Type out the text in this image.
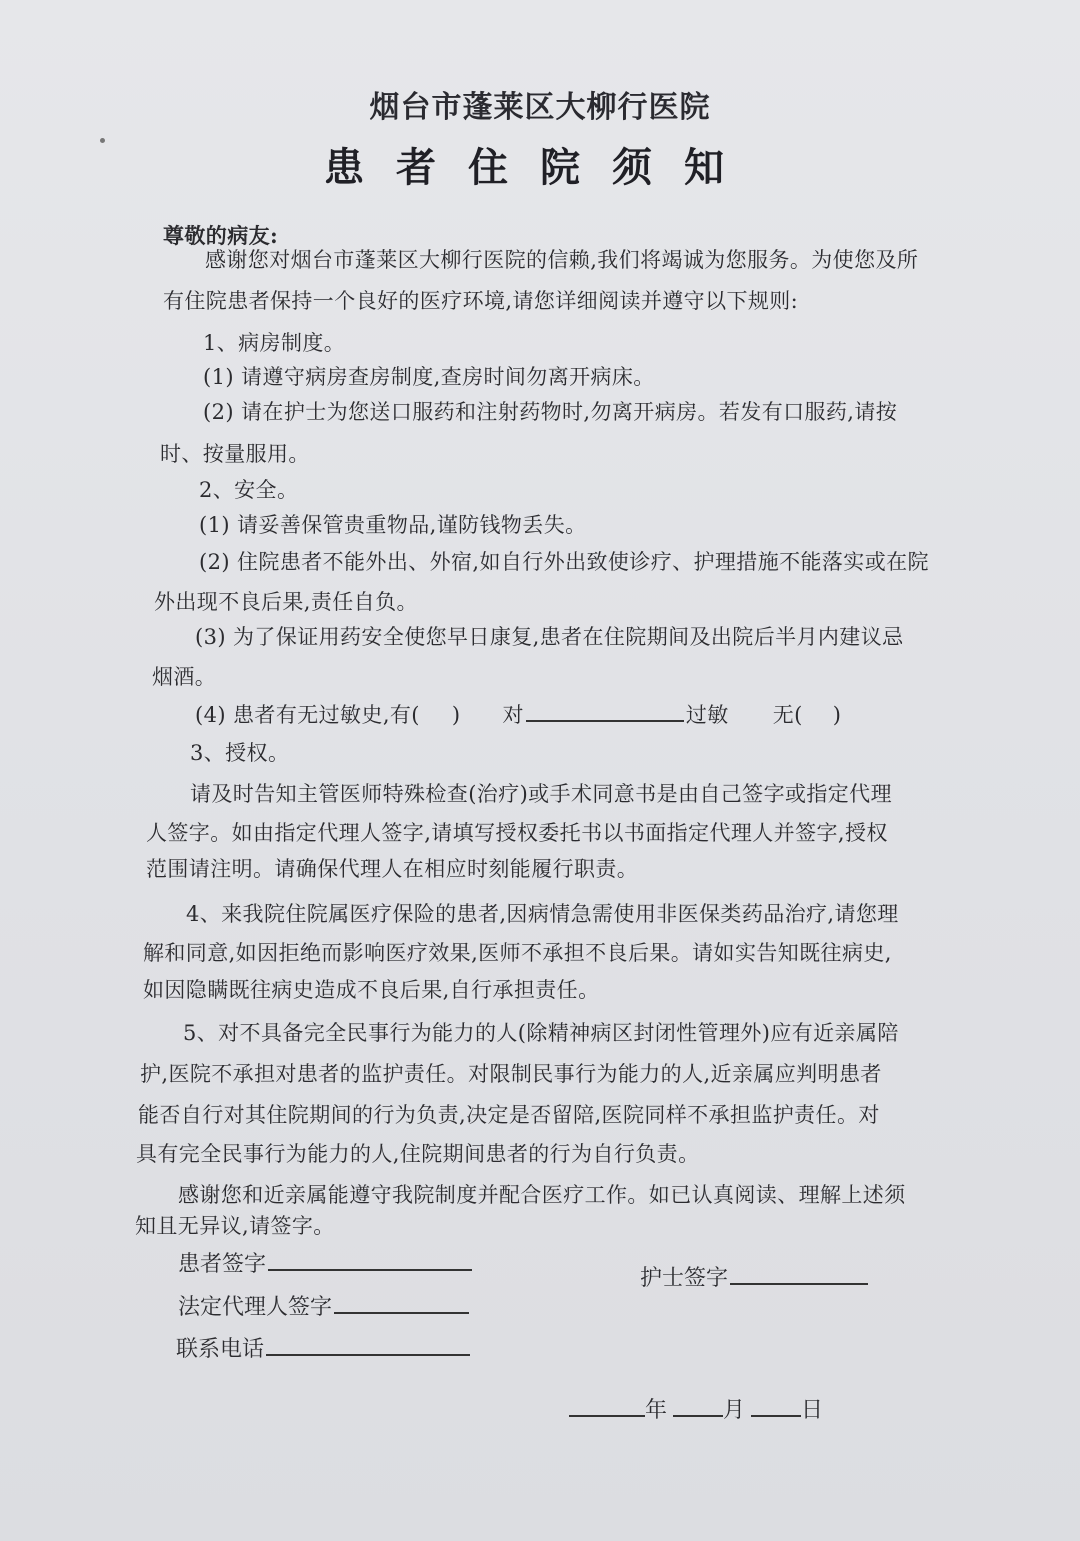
烟台市蓬莱区大柳行医院
患者住院须知
尊敬的病友:
感谢您对烟台市蓬莱区大柳行医院的信赖,我们将竭诚为您服务。为使您及所
有住院患者保持一个良好的医疗环境,请您详细阅读并遵守以下规则:
1、病房制度。
(1) 请遵守病房查房制度,查房时间勿离开病床。
(2) 请在护士为您送口服药和注射药物时,勿离开病房。若发有口服药,请按
时、按量服用。
2、安全。
(1) 请妥善保管贵重物品,谨防钱物丢失。
(2) 住院患者不能外出、外宿,如自行外出致使诊疗、护理措施不能落实或在院
外出现不良后果,责任自负。
(3) 为了保证用药安全使您早日康复,患者在住院期间及出院后半月内建议忌
烟酒。
(4) 患者有无过敏史,有( ) 对	过敏 无( )
3、授权。
请及时告知主管医师特殊检查(治疗)或手术同意书是由自己签字或指定代理
人签字。如由指定代理人签字,请填写授权委托书以书面指定代理人并签字,授权
范围请注明。请确保代理人在相应时刻能履行职责。
4、来我院住院属医疗保险的患者,因病情急需使用非医保类药品治疗,请您理
解和同意,如因拒绝而影响医疗效果,医师不承担不良后果。请如实告知既往病史,
如因隐瞒既往病史造成不良后果,自行承担责任。
5、对不具备完全民事行为能力的人(除精神病区封闭性管理外)应有近亲属陪
护,医院不承担对患者的监护责任。对限制民事行为能力的人,近亲属应判明患者
能否自行对其住院期间的行为负责,决定是否留陪,医院同样不承担监护责任。对
具有完全民事行为能力的人,住院期间患者的行为自行负责。
感谢您和近亲属能遵守我院制度并配合医疗工作。如已认真阅读、理解上述须
知且无异议,请签字。
患者签字
护士签字
法定代理人签字
联系电话
年	月	日
